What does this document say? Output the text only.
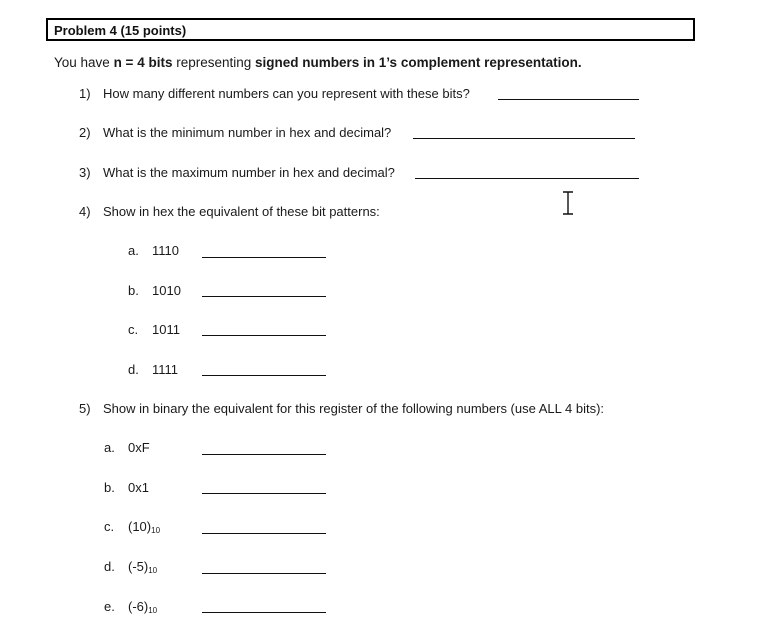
Problem 4 (15 points)
You have n = 4 bits representing signed numbers in 1’s complement representation.
1) How many different numbers can you represent with these bits?
2) What is the minimum number in hex and decimal?
3) What is the maximum number in hex and decimal?
4) Show in hex the equivalent of these bit patterns:
a. 1110
b. 1010
c. 1011
d. 1111
5) Show in binary the equivalent for this register of the following numbers (use ALL 4 bits):
a. 0xF
b. 0x1
c. $(10)_{10}$
d. $(-5)_{10}$
e. $(-6)_{10}$
